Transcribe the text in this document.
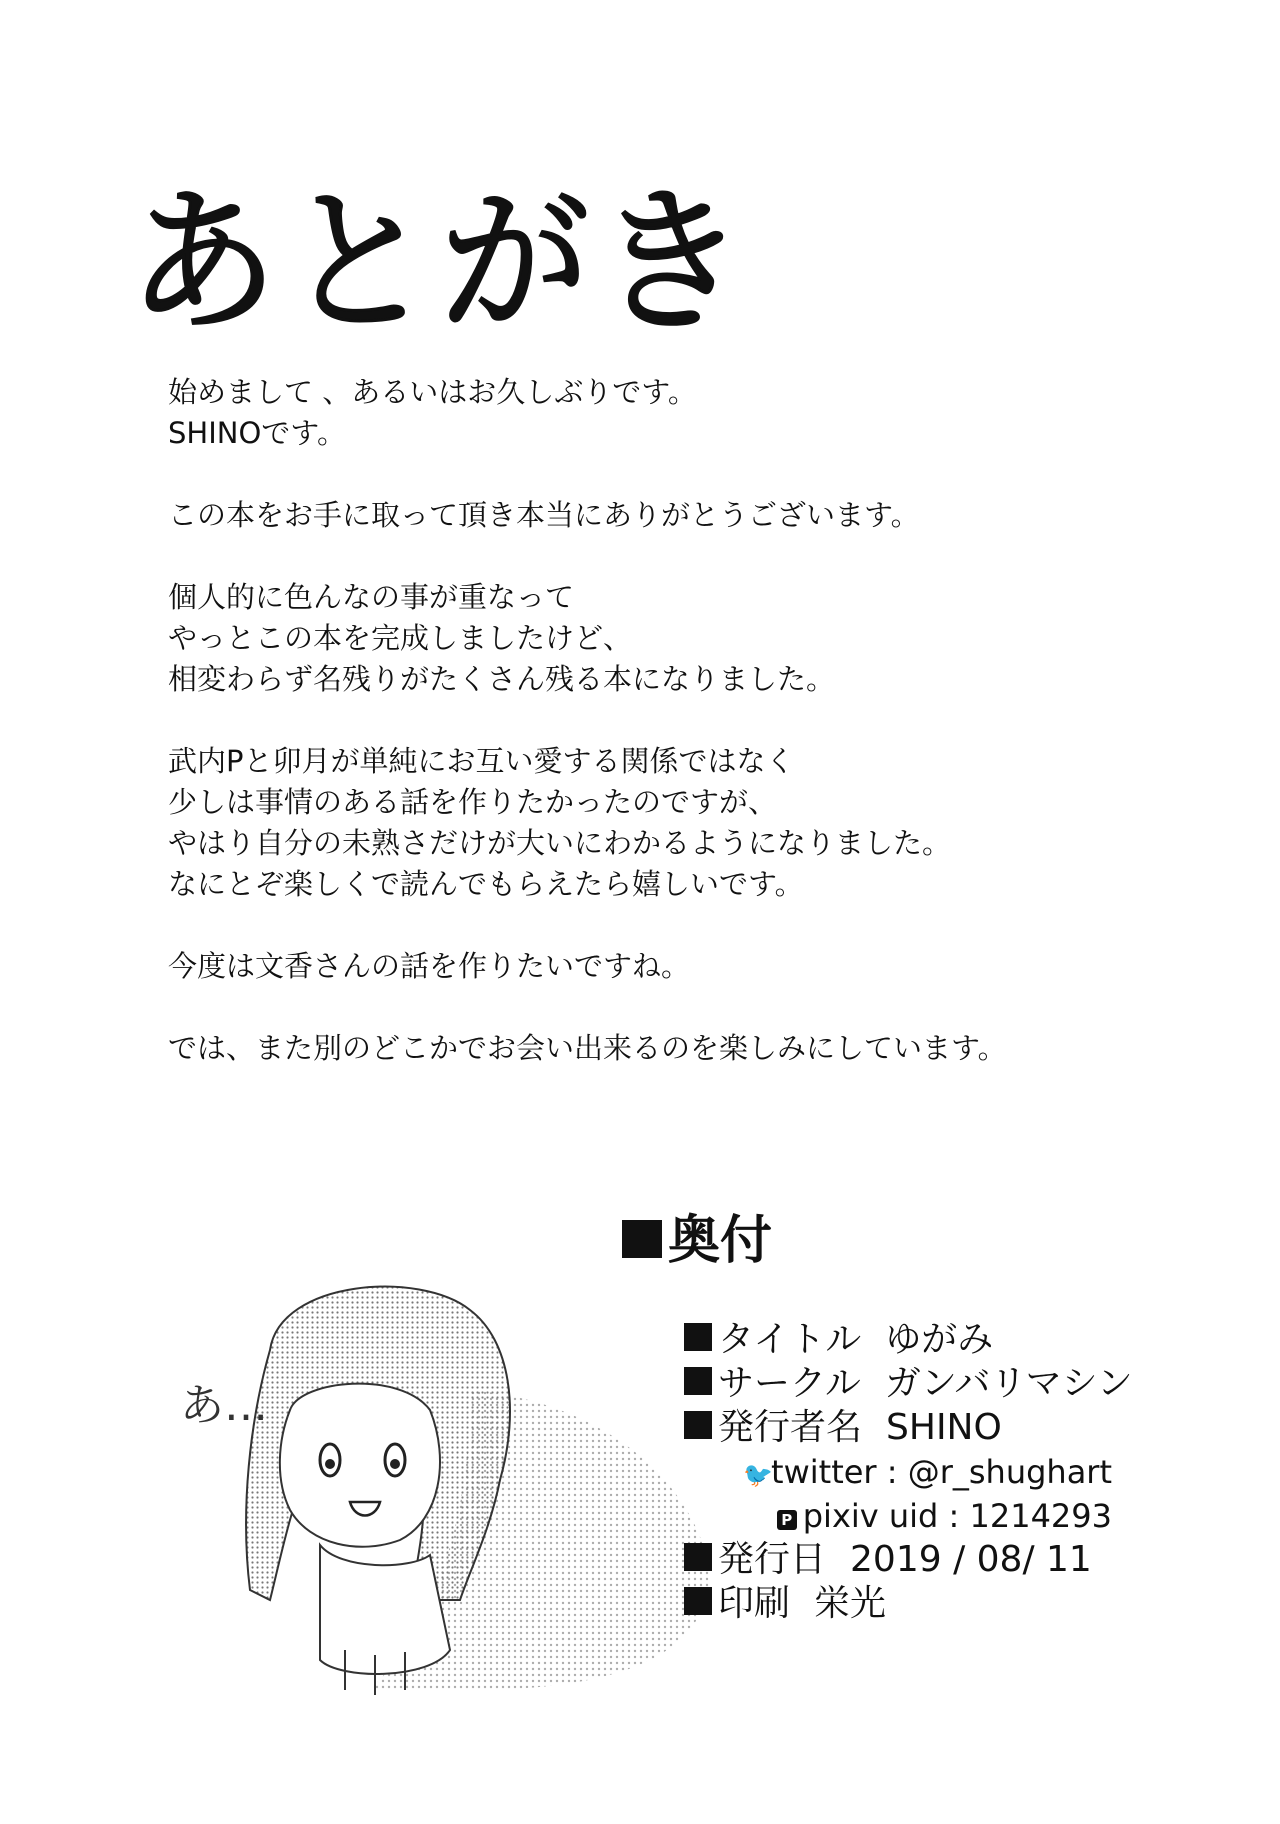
あとがき
始めまして 、あるいはお久しぶりです。
SHINOです。
この本をお手に取って頂き本当にありがとうございます。
個人的に色んなの事が重なって
やっとこの本を完成しましたけど、
相変わらず名残りがたくさん残る本になりました。
武内Pと卯月が単純にお互い愛する関係ではなく
少しは事情のある話を作りたかったのですが、
やはり自分の未熟さだけが大いにわかるようになりました。
なにとぞ楽しくで読んでもらえたら嬉しいです。
今度は文香さんの話を作りたいですね。
では、また別のどこかでお会い出来るのを楽しみにしています。
あ…
奥付
タイトル ゆがみ
サークル ガンバリマシン
発行者名 SHINO
🐦twitter : @r_shughart
P pixiv uid : 1214293
発行日 2019 / 08/ 11
印刷 栄光
